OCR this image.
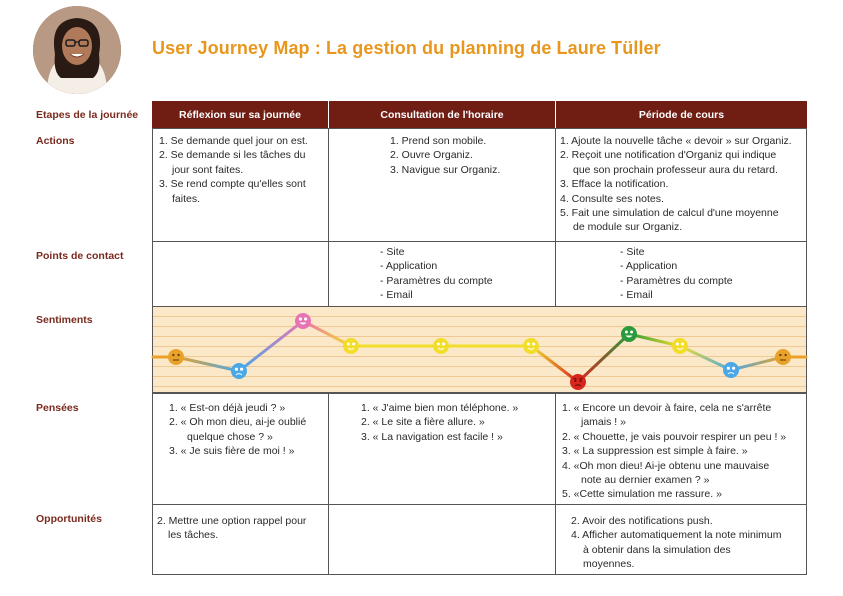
User Journey Map : La gestion du planning de Laure Tüller
Etapes de la journée
Actions
Points de contact
Sentiments
Pensées
Opportunités
Réflexion sur sa journée	Consultation de l'horaire	Période de cours
1. Se demande quel jour on est.
2. Se demande si les tâches du
jour sont faites.
3. Se rend compte qu'elles sont
faites.
1. Prend son mobile.
2. Ouvre Organiz.
3. Navigue sur Organiz.
1. Ajoute la nouvelle tâche « devoir » sur Organiz.
2. Reçoit une notification d'Organiz qui indique
que son prochain professeur aura du retard.
3. Efface la notification.
4. Consulte ses notes.
5. Fait une simulation de calcul d'une moyenne
de module sur Organiz.
- Site
- Application
- Paramètres du compte
- Email
- Site
- Application
- Paramètres du compte
- Email
1. « Est-on déjà jeudi ? »
2. « Oh mon dieu, ai-je oublié
quelque chose ? »
3. « Je suis fière de moi ! »
1. « J'aime bien mon téléphone. »
2. « Le site a fière allure. »
3. « La navigation est facile ! »
1. « Encore un devoir à faire, cela ne s'arrête
jamais ! »
2. « Chouette, je vais pouvoir respirer un peu ! »
3. « La suppression est simple à faire. »
4. «Oh mon dieu! Ai-je obtenu une mauvaise
note au dernier examen ? »
5. «Cette simulation me rassure. »
2. Mettre une option rappel pour
les tâches.
2. Avoir des notifications push.
4. Afficher automatiquement la note minimum
à obtenir dans la simulation des
moyennes.
